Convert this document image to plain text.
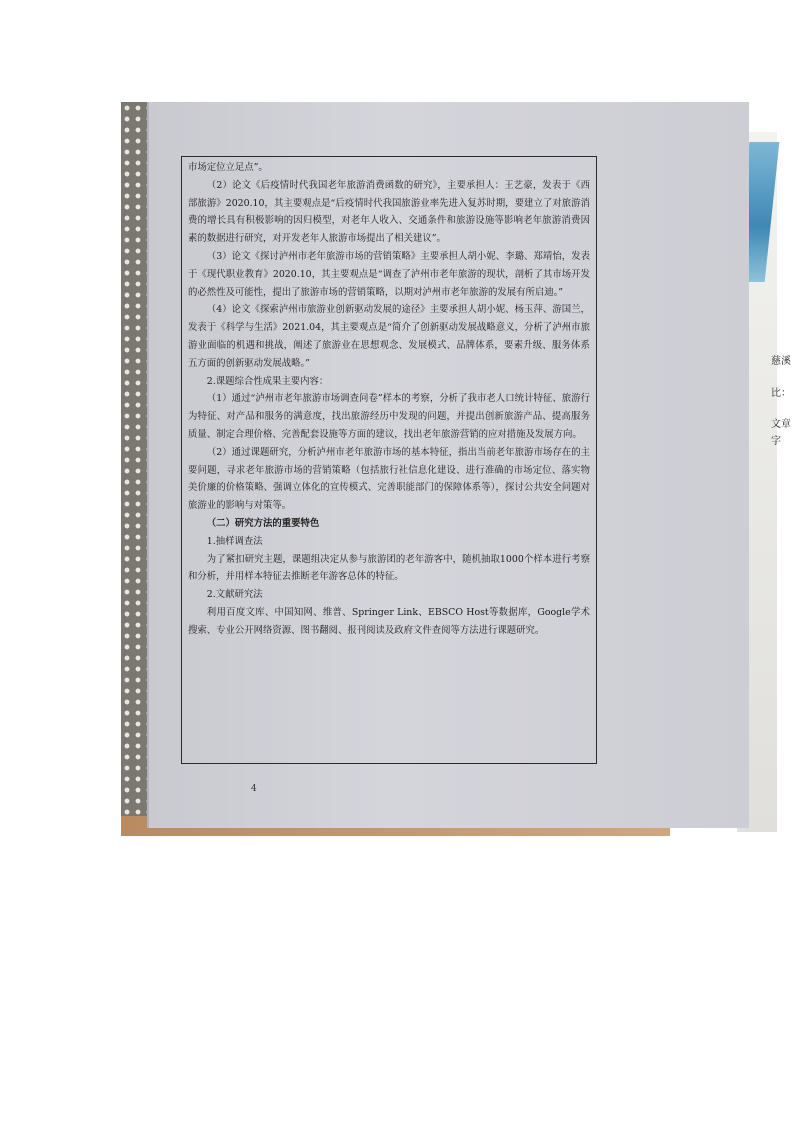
慈溪
比：
文章
字

市场定位立足点”。

（2）论文《后疫情时代我国老年旅游消费函数的研究》，主要承担人：王艺豪，发表于《西部旅游》2020.10，其主要观点是“后疫情时代我国旅游业率先进入复苏时期，要建立了对旅游消费的增长具有积极影响的因归模型，对老年人收入、交通条件和旅游设施等影响老年旅游消费因素的数据进行研究，对开发老年人旅游市场提出了相关建议”。

（3）论文《探讨泸州市老年旅游市场的营销策略》主要承担人胡小妮、李璐、郑靖怡，发表于《现代职业教育》2020.10，其主要观点是“调查了泸州市老年旅游的现状，剖析了其市场开发的必然性及可能性，提出了旅游市场的营销策略，以期对泸州市老年旅游的发展有所启迪。”

（4）论文《探索泸州市旅游业创新驱动发展的途径》主要承担人胡小妮、杨玉萍、游国兰，发表于《科学与生活》2021.04，其主要观点是“简介了创新驱动发展战略意义，分析了泸州市旅游业面临的机遇和挑战，阐述了旅游业在思想观念、发展模式、品牌体系，要素升级、服务体系五方面的创新驱动发展战略。”

2.课题综合性成果主要内容：

（1）通过“泸州市老年旅游市场调查问卷”样本的考察，分析了我市老人口统计特征、旅游行为特征、对产品和服务的满意度，找出旅游经历中发现的问题，并提出创新旅游产品、提高服务质量、制定合理价格、完善配套设施等方面的建议，找出老年旅游营销的应对措施及发展方向。

（2）通过课题研究，分析泸州市老年旅游市场的基本特征，指出当前老年旅游市场存在的主要问题，寻求老年旅游市场的营销策略（包括旅行社信息化建设、进行准确的市场定位、落实物美价廉的价格策略、强调立体化的宣传模式、完善职能部门的保障体系等），探讨公共安全问题对旅游业的影响与对策等。

（二）研究方法的重要特色

1.抽样调查法

为了紧扣研究主题，课题组决定从参与旅游团的老年游客中，随机抽取1000个样本进行考察和分析，并用样本特征去推断老年游客总体的特征。

2.文献研究法

利用百度文库、中国知网、维普、Springer Link、EBSCO Host等数据库，Google学术搜索、专业公开网络资源、图书翻阅、报刊阅读及政府文件查阅等方法进行课题研究。

4
